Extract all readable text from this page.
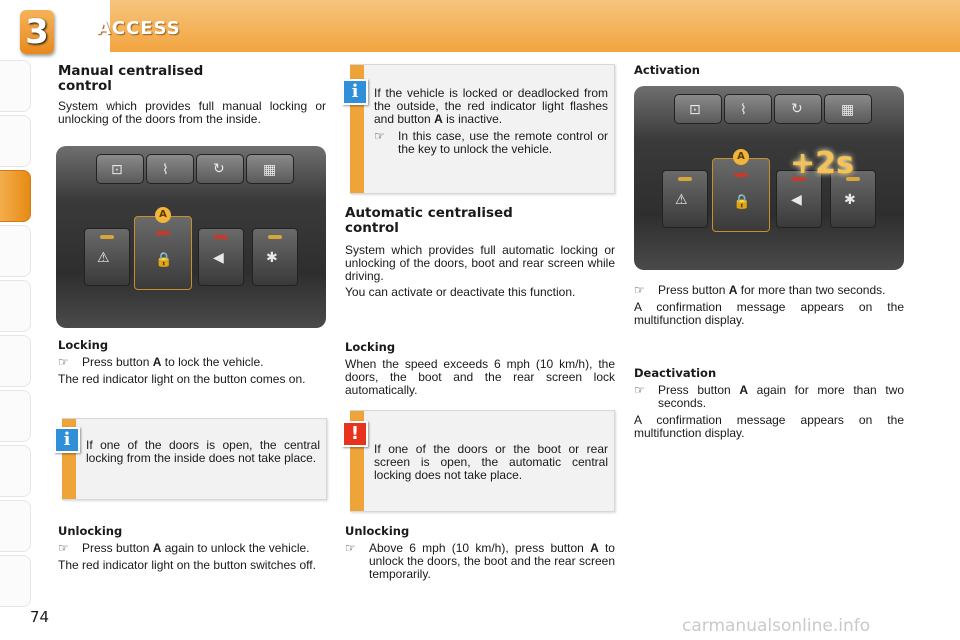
3	ACCESS
Manual centralised control
System which provides full manual locking or unlocking of the doors from the inside.
⊡	⌇	↻	▦
⚠
A
🔒	◀	✱
Locking
☞ Press button A to lock the vehicle.
The red indicator light on the button comes on.
i	If one of the doors is open, the central locking from the inside does not take place.
Unlocking
☞ Press button A again to unlock the vehicle.
The red indicator light on the button switches off.
i	If the vehicle is locked or deadlocked from the outside, the red indicator light flashes and button A is inactive.
☞ In this case, use the remote control or the key to unlock the vehicle.
Automatic centralised control
System which provides full automatic locking or unlocking of the doors, boot and rear screen while driving.
You can activate or deactivate this function.
Locking
When the speed exceeds 6 mph (10 km/h), the doors, the boot and the rear screen lock automatically.
!
If one of the doors or the boot or rear screen is open, the automatic central locking does not take place.
Unlocking
☞ Above 6 mph (10 km/h), press button A to unlock the doors, the boot and the rear screen temporarily.
Activation
⊡	⌇	↻	▦
⚠
A
🔒	◀	✱
+2s
☞ Press button A for more than two seconds.
A confirmation message appears on the multifunction display.
Deactivation
☞ Press button A again for more than two seconds.
A confirmation message appears on the multifunction display.
74	carmanualsonline.info
